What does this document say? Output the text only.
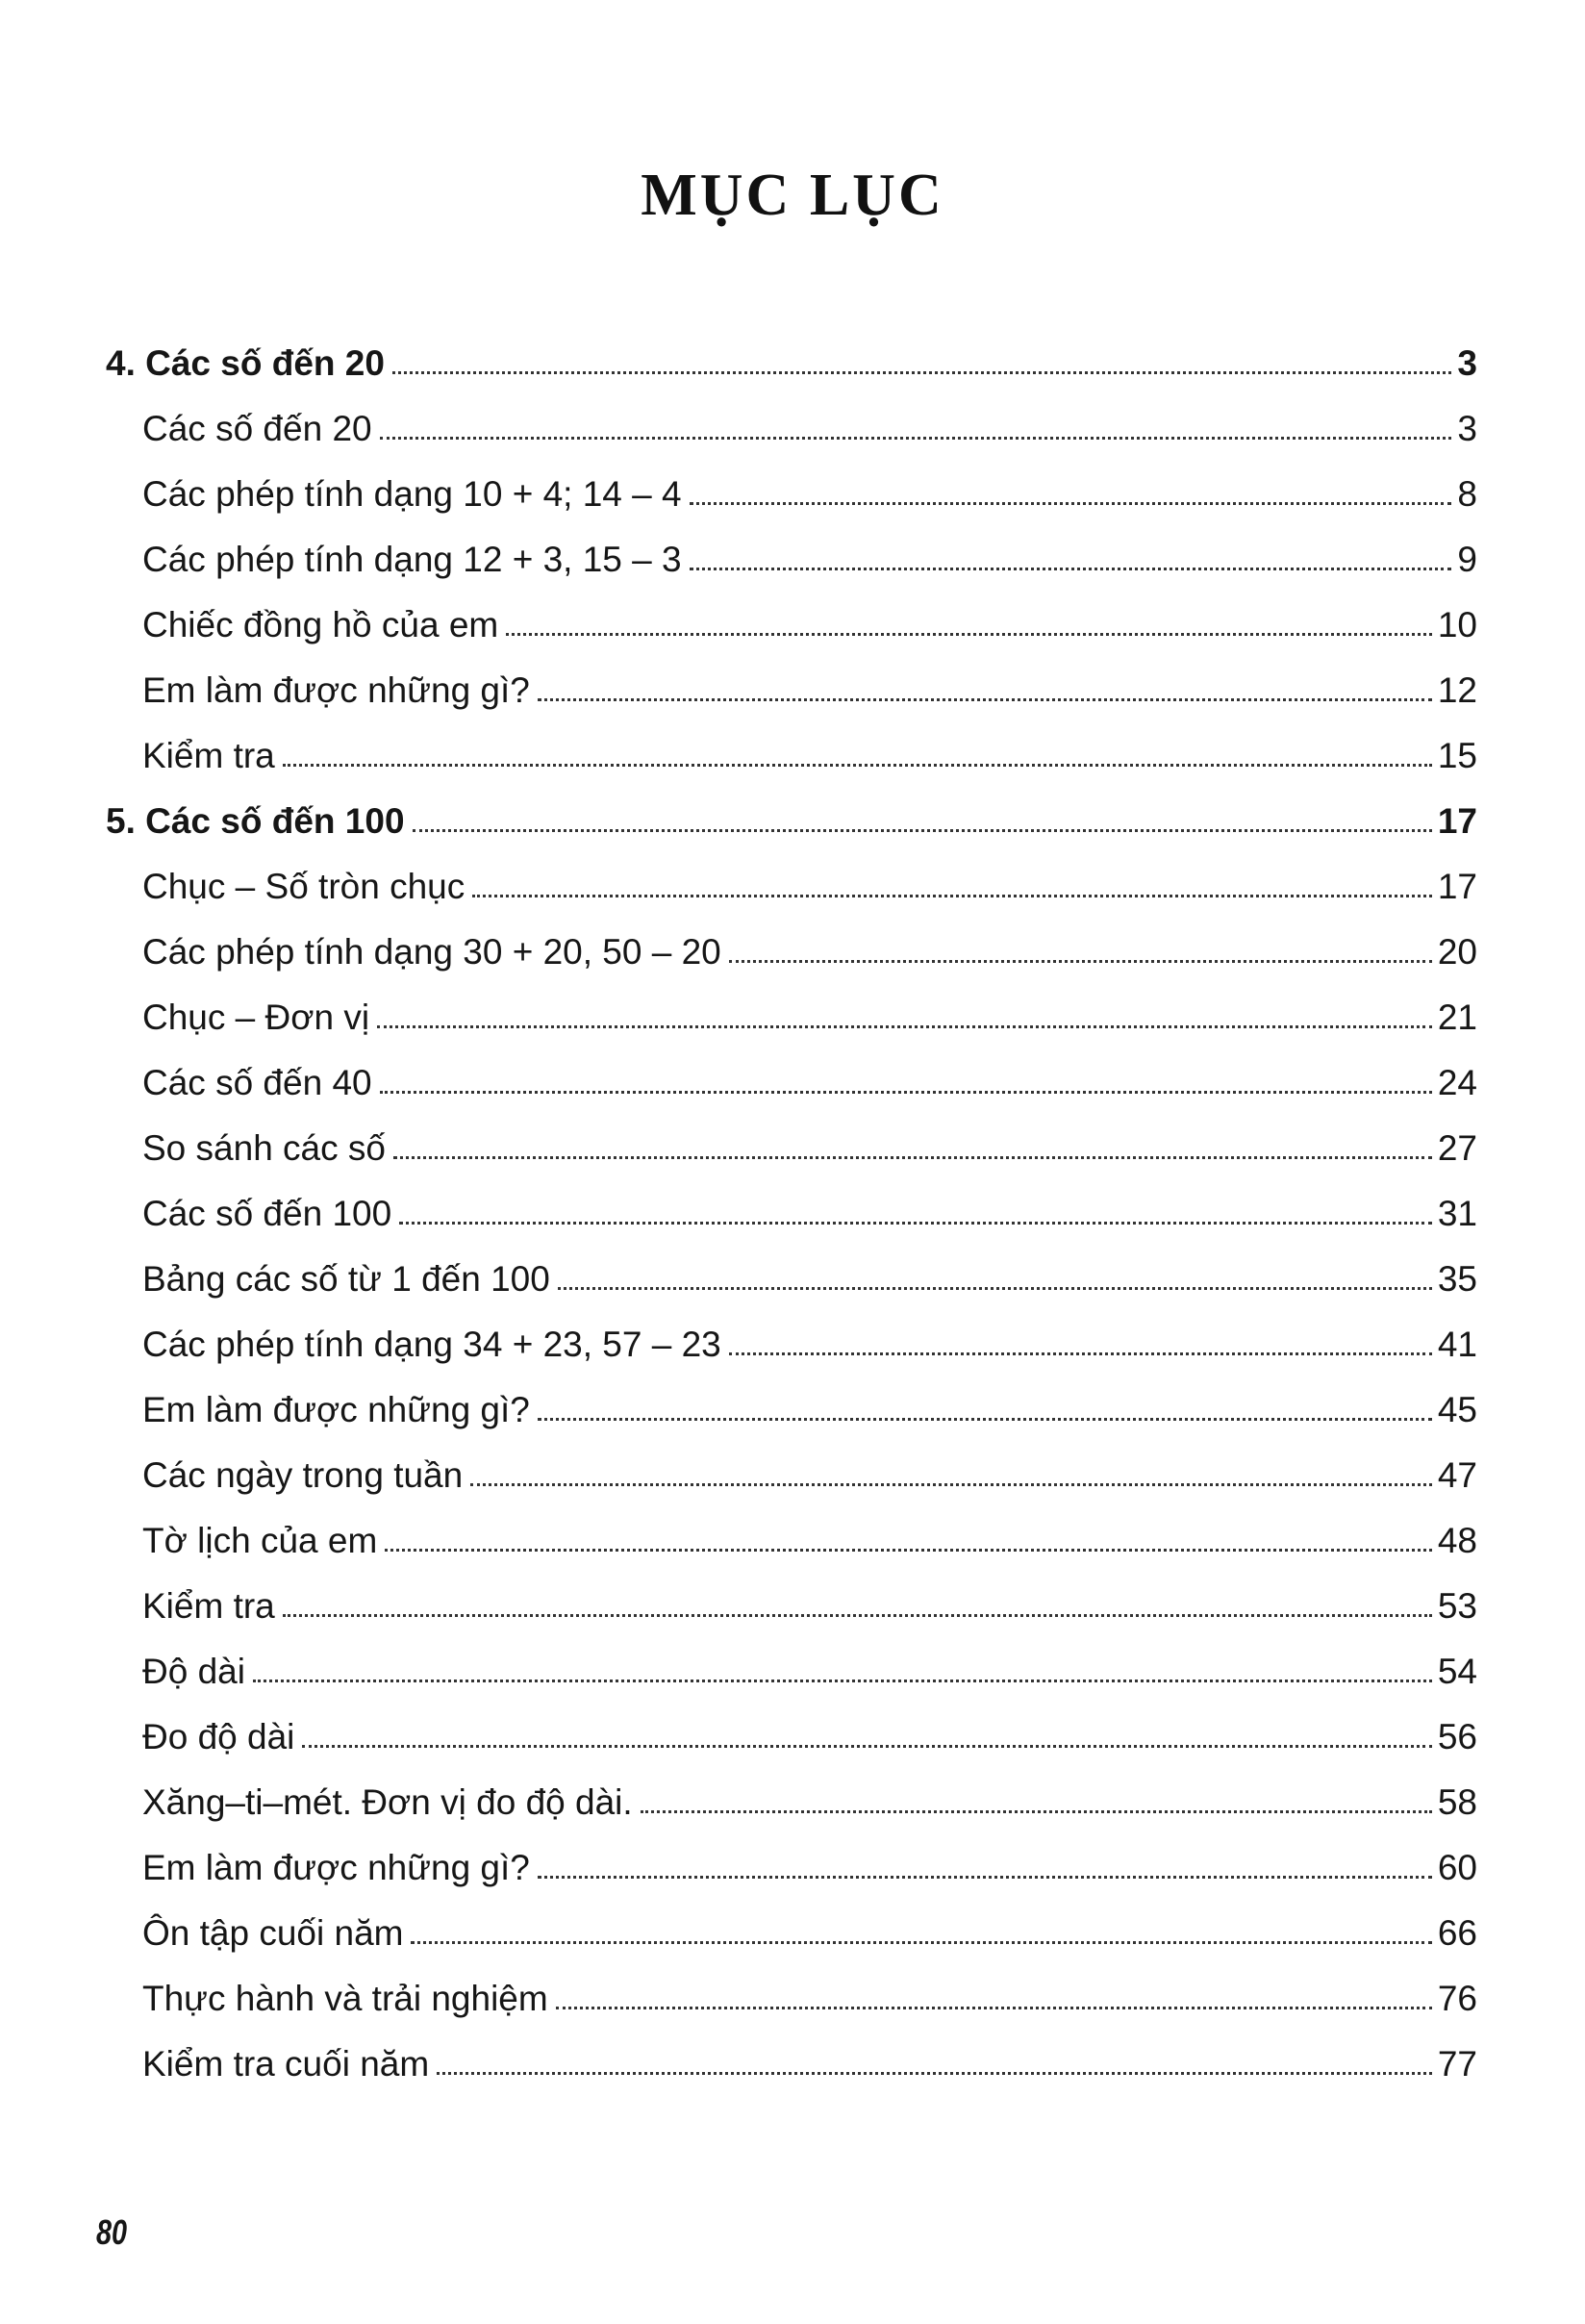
MỤC LỤC
4. Các số đến 20	3
Các số đến 20	3
Các phép tính dạng 10 + 4; 14 – 4	8
Các phép tính dạng 12 + 3, 15 – 3	9
Chiếc đồng hồ của em	10
Em làm được những gì?	12
Kiểm tra	15
5. Các số đến 100	17
Chục – Số tròn chục	17
Các phép tính dạng 30 + 20, 50 – 20	20
Chục – Đơn vị	21
Các số đến 40	24
So sánh các số	27
Các số đến 100	31
Bảng các số từ 1 đến 100	35
Các phép tính dạng 34 + 23, 57 – 23	41
Em làm được những gì?	45
Các ngày trong tuần	47
Tờ lịch của em	48
Kiểm tra	53
Độ dài	54
Đo độ dài	56
Xăng–ti–mét. Đơn vị đo độ dài.	58
Em làm được những gì?	60
Ôn tập cuối năm	66
Thực hành và trải nghiệm	76
Kiểm tra cuối năm	77
80
